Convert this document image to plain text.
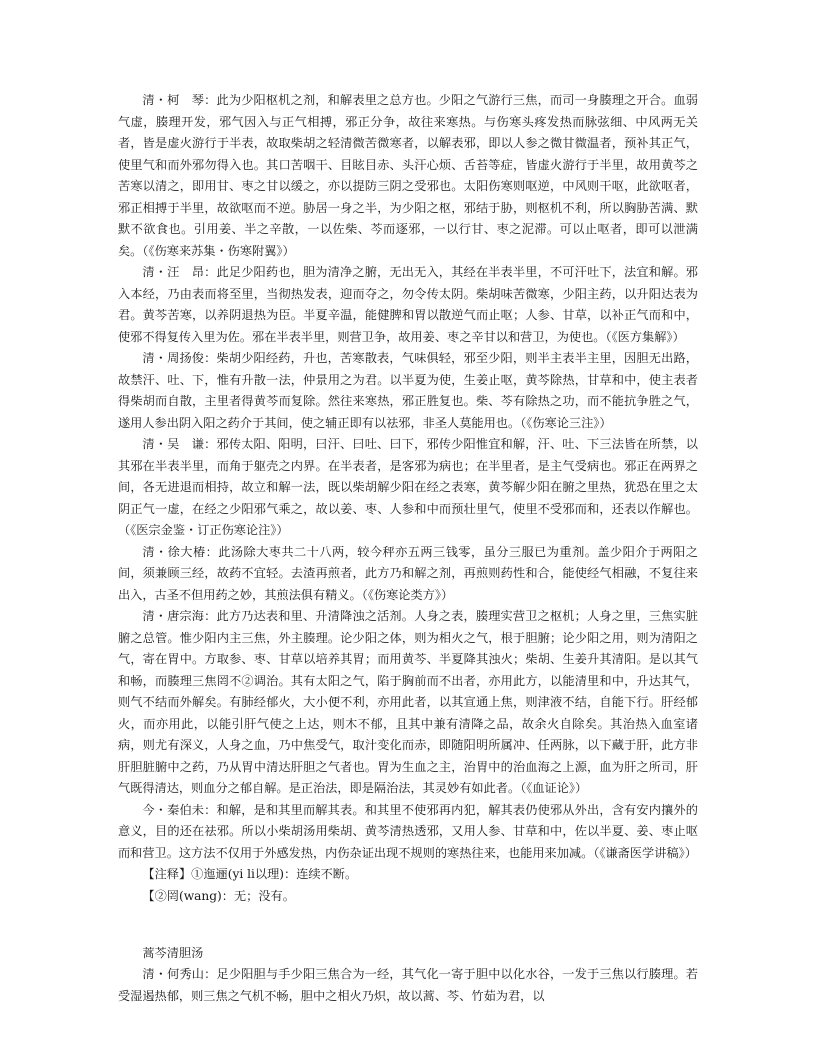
清・柯　琴：此为少阳枢机之剂，和解表里之总方也。少阳之气游行三焦，而司一身腠理之开合。血弱气虚，腠理开发，邪气因入与正气相搏，邪正分争，故往来寒热。与伤寒头疼发热而脉弦细、中风两无关者，皆是虚火游行于半表，故取柴胡之轻清微苦微寒者，以解表邪，即以人参之微甘微温者，预补其正气，使里气和而外邪勿得入也。其口苦咽干、目眩目赤、头汗心烦、舌苔等症，皆虚火游行于半里，故用黄芩之苦寒以清之，即用甘、枣之甘以缓之，亦以提防三阴之受邪也。太阳伤寒则呕逆，中风则干呕，此欲呕者，邪正相搏于半里，故欲呕而不逆。胁居一身之半，为少阳之枢，邪结于胁，则枢机不利，所以胸胁苦满、默默不欲食也。引用姜、半之辛散，一以佐柴、芩而逐邪，一以行甘、枣之泥滞。可以止呕者，即可以泄满矣。（《伤寒来苏集・伤寒附翼》）

清・汪　昂：此足少阳药也，胆为清净之腑，无出无入，其经在半表半里，不可汗吐下，法宜和解。邪入本经，乃由表而将至里，当彻热发表，迎而夺之，勿令传太阴。柴胡味苦微寒，少阳主药，以升阳达表为君。黄芩苦寒，以养阴退热为臣。半夏辛温，能健脾和胃以散逆气而止呕；人参、甘草，以补正气而和中，使邪不得复传入里为佐。邪在半表半里，则营卫争，故用姜、枣之辛甘以和营卫，为使也。（《医方集解》）

清・周扬俊：柴胡少阳经药，升也，苦寒散表，气味俱轻，邪至少阳，则半主表半主里，因胆无出路，故禁汗、吐、下，惟有升散一法，仲景用之为君。以半夏为使，生姜止呕，黄芩除热，甘草和中，使主表者得柴胡而自散，主里者得黄芩而复除。然往来寒热，邪正胜复也。柴、芩有除热之功，而不能抗争胜之气，遂用人参出阴入阳之药介于其间，使之辅正即有以祛邪，非圣人莫能用也。（《伤寒论三注》）

清・吴　谦：邪传太阳、阳明，曰汗、曰吐、曰下，邪传少阳惟宜和解，汗、吐、下三法皆在所禁，以其邪在半表半里，而角于躯壳之内界。在半表者，是客邪为病也；在半里者，是主气受病也。邪正在两界之间，各无进退而相持，故立和解一法，既以柴胡解少阳在经之表寒，黄芩解少阳在腑之里热，犹恐在里之太阴正气一虚，在经之少阳邪气乘之，故以姜、枣、人参和中而预壮里气，使里不受邪而和，还表以作解也。（《医宗金鉴・订正伤寒论注》）

清・徐大椿：此汤除大枣共二十八两，较今秤亦五两三钱零，虽分三服已为重剂。盖少阳介于两阳之间，须兼顾三经，故药不宜轻。去渣再煎者，此方乃和解之剂，再煎则药性和合，能使经气相融，不复往来出入，古圣不但用药之妙，其煎法俱有精义。（《伤寒论类方》）

清・唐宗海：此方乃达表和里、升清降浊之活剂。人身之表，腠理实营卫之枢机；人身之里，三焦实脏腑之总管。惟少阳内主三焦，外主腠理。论少阳之体，则为相火之气，根于胆腑；论少阳之用，则为清阳之气，寄在胃中。方取参、枣、甘草以培养其胃；而用黄芩、半夏降其浊火；柴胡、生姜升其清阳。是以其气和畅，而腠理三焦罔不②调治。其有太阳之气，陷于胸前而不出者，亦用此方，以能清里和中，升达其气，则气不结而外解矣。有肺经郁火，大小便不利，亦用此者，以其宣通上焦，则津液不结，自能下行。肝经郁火，而亦用此，以能引肝气使之上达，则木不郁，且其中兼有清降之品，故余火自除矣。其治热入血室诸病，则尤有深义，人身之血，乃中焦受气，取汁变化而赤，即随阳明所属冲、任两脉，以下藏于肝，此方非肝胆脏腑中之药，乃从胃中清达肝胆之气者也。胃为生血之主，治胃中的治血海之上源，血为肝之所司，肝气既得清达，则血分之郁自解。是正治法，即是隔治法，其灵妙有如此者。（《血证论》）

今・秦伯未：和解，是和其里而解其表。和其里不使邪再内犯，解其表仍使邪从外出，含有安内攘外的意义，目的还在祛邪。所以小柴胡汤用柴胡、黄芩清热透邪，又用人参、甘草和中，佐以半夏、姜、枣止呕而和营卫。这方法不仅用于外感发热，内伤杂证出现不规则的寒热往来，也能用来加减。（《谦斋医学讲稿》）

【注释】①迤逦(yi li以理)：连续不断。

【②罔(wang)：无；没有。

蒿芩清胆汤

清・何秀山：足少阳胆与手少阳三焦合为一经，其气化一寄于胆中以化水谷，一发于三焦以行腠理。若受湿遏热郁，则三焦之气机不畅，胆中之相火乃炽，故以蒿、芩、竹茹为君，以
